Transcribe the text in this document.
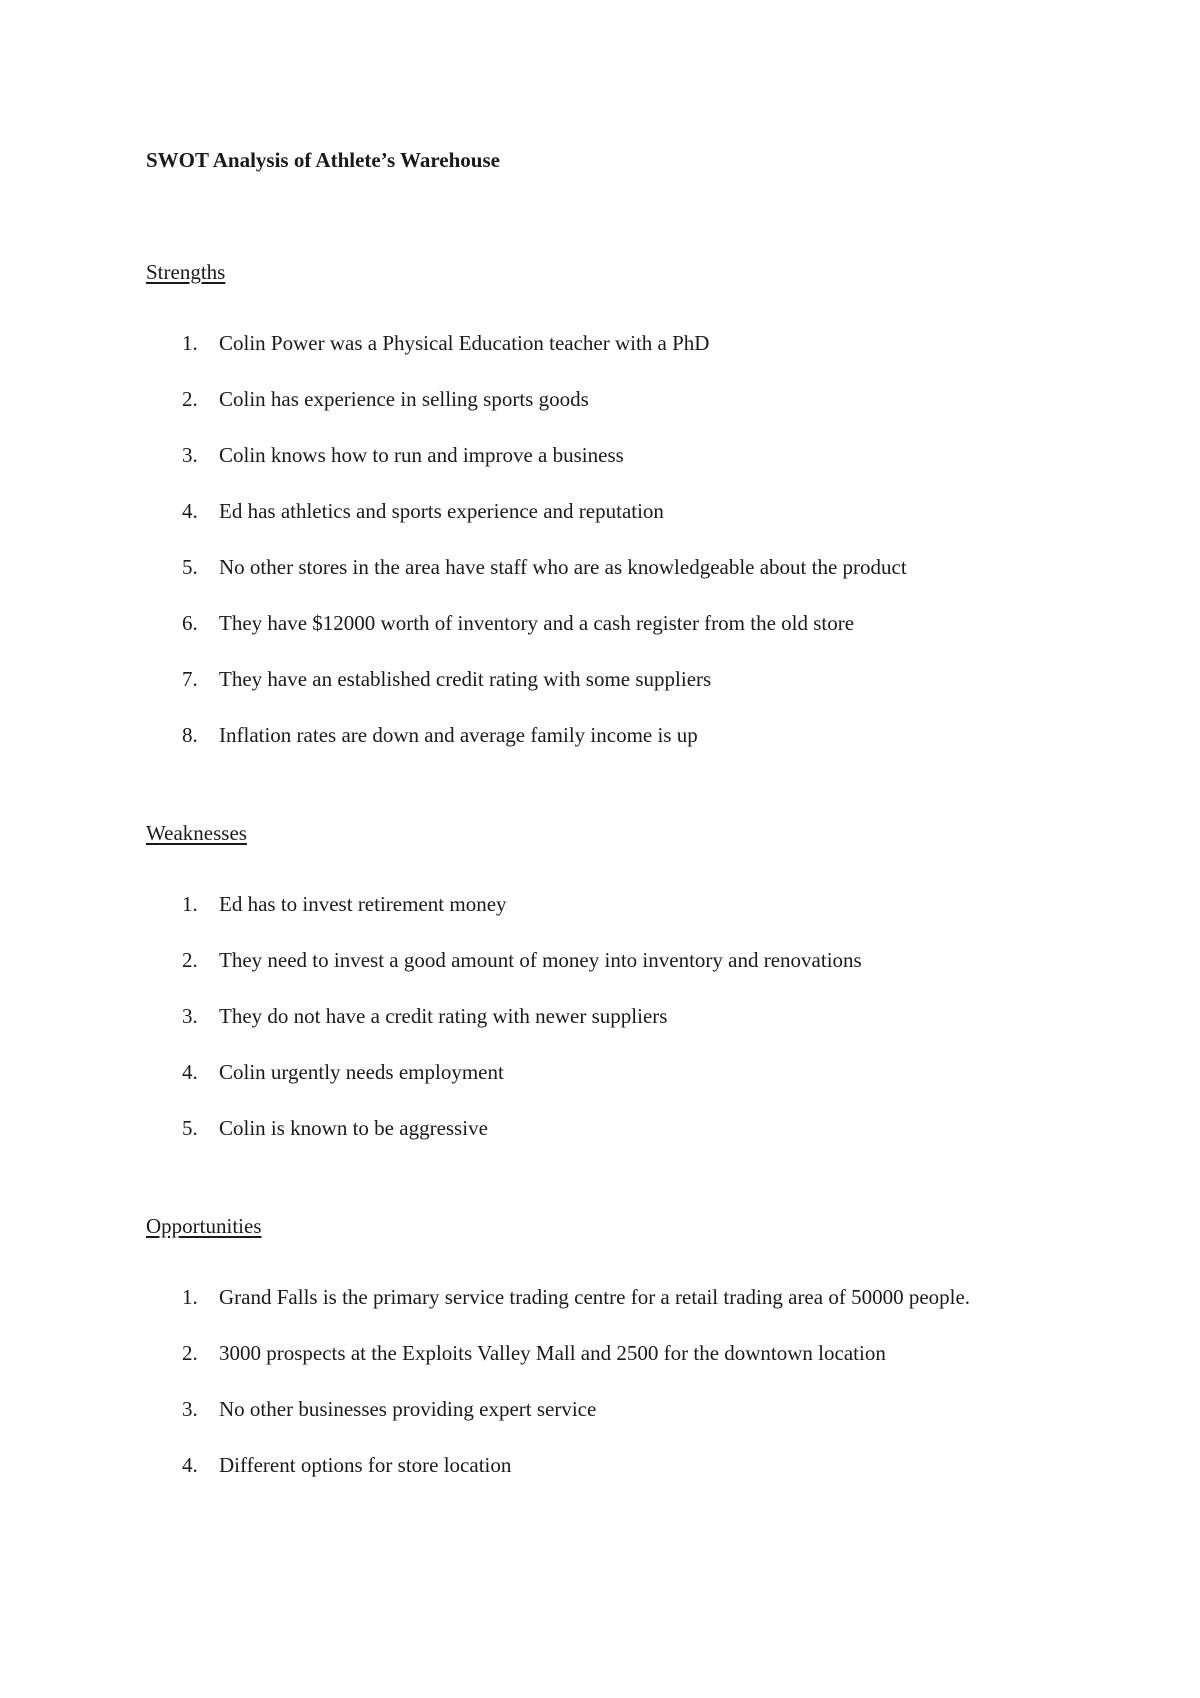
SWOT Analysis of Athlete’s Warehouse

Strengths

1. Colin Power was a Physical Education teacher with a PhD
2. Colin has experience in selling sports goods
3. Colin knows how to run and improve a business
4. Ed has athletics and sports experience and reputation
5. No other stores in the area have staff who are as knowledgeable about the product
6. They have $12000 worth of inventory and a cash register from the old store
7. They have an established credit rating with some suppliers
8. Inflation rates are down and average family income is up

Weaknesses

1. Ed has to invest retirement money
2. They need to invest a good amount of money into inventory and renovations
3. They do not have a credit rating with newer suppliers
4. Colin urgently needs employment
5. Colin is known to be aggressive

Opportunities

1. Grand Falls is the primary service trading centre for a retail trading area of 50000 people.
2. 3000 prospects at the Exploits Valley Mall and 2500 for the downtown location
3. No other businesses providing expert service
4. Different options for store location
